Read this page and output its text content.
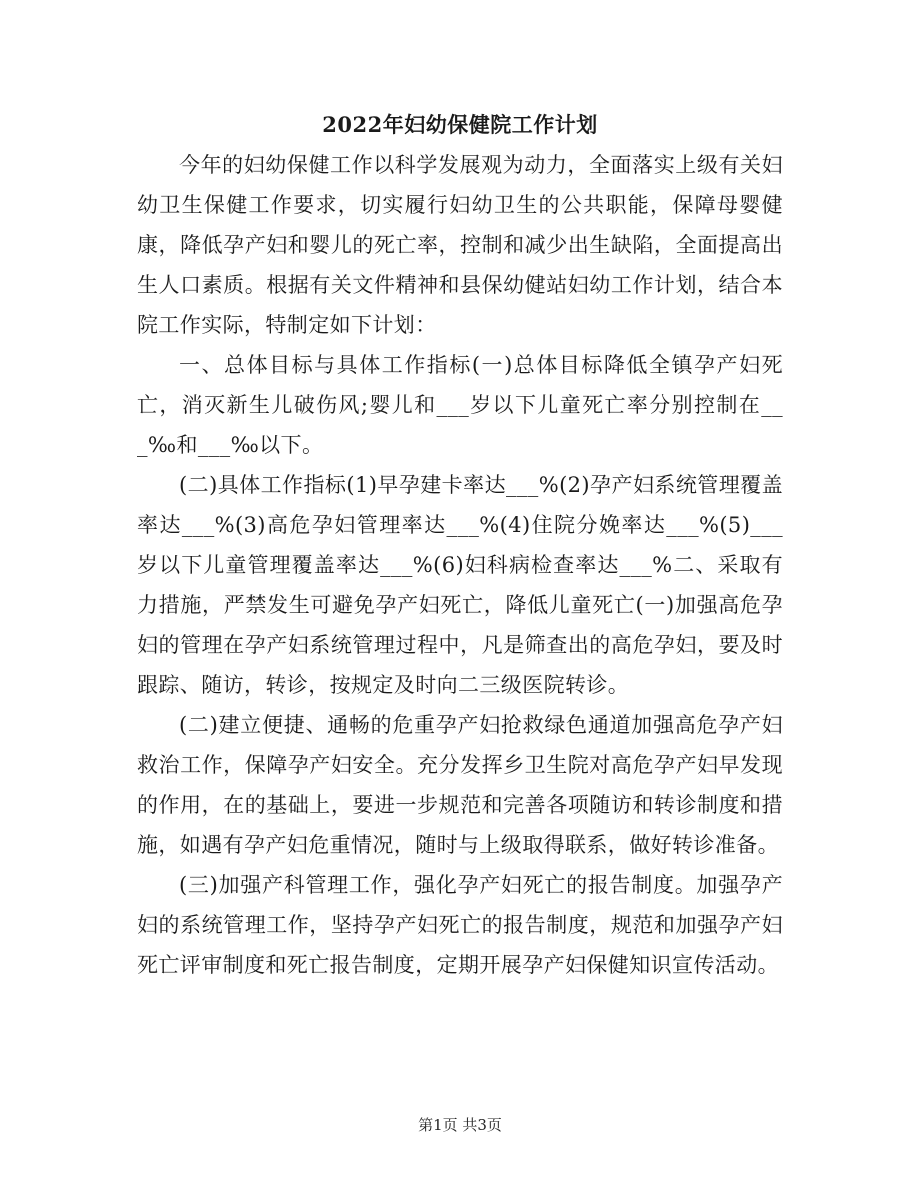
2022年妇幼保健院工作计划

今年的妇幼保健工作以科学发展观为动力，全面落实上级有关妇幼卫生保健工作要求，切实履行妇幼卫生的公共职能，保障母婴健康，降低孕产妇和婴儿的死亡率，控制和减少出生缺陷，全面提高出生人口素质。根据有关文件精神和县保幼健站妇幼工作计划，结合本院工作实际，特制定如下计划：

一、总体目标与具体工作指标(一)总体目标降低全镇孕产妇死亡，消灭新生儿破伤风;婴儿和___岁以下儿童死亡率分别控制在___‰和___‰以下。

(二)具体工作指标(1)早孕建卡率达___%(2)孕产妇系统管理覆盖率达___%(3)高危孕妇管理率达___%(4)住院分娩率达___%(5)___岁以下儿童管理覆盖率达___%(6)妇科病检查率达___%二、采取有力措施，严禁发生可避免孕产妇死亡，降低儿童死亡(一)加强高危孕妇的管理在孕产妇系统管理过程中，凡是筛查出的高危孕妇，要及时跟踪、随访，转诊，按规定及时向二三级医院转诊。

(二)建立便捷、通畅的危重孕产妇抢救绿色通道加强高危孕产妇救治工作，保障孕产妇安全。充分发挥乡卫生院对高危孕产妇早发现的作用，在的基础上，要进一步规范和完善各项随访和转诊制度和措施，如遇有孕产妇危重情况，随时与上级取得联系，做好转诊准备。

(三)加强产科管理工作，强化孕产妇死亡的报告制度。加强孕产妇的系统管理工作，坚持孕产妇死亡的报告制度，规范和加强孕产妇死亡评审制度和死亡报告制度，定期开展孕产妇保健知识宣传活动。

第1页 共3页
